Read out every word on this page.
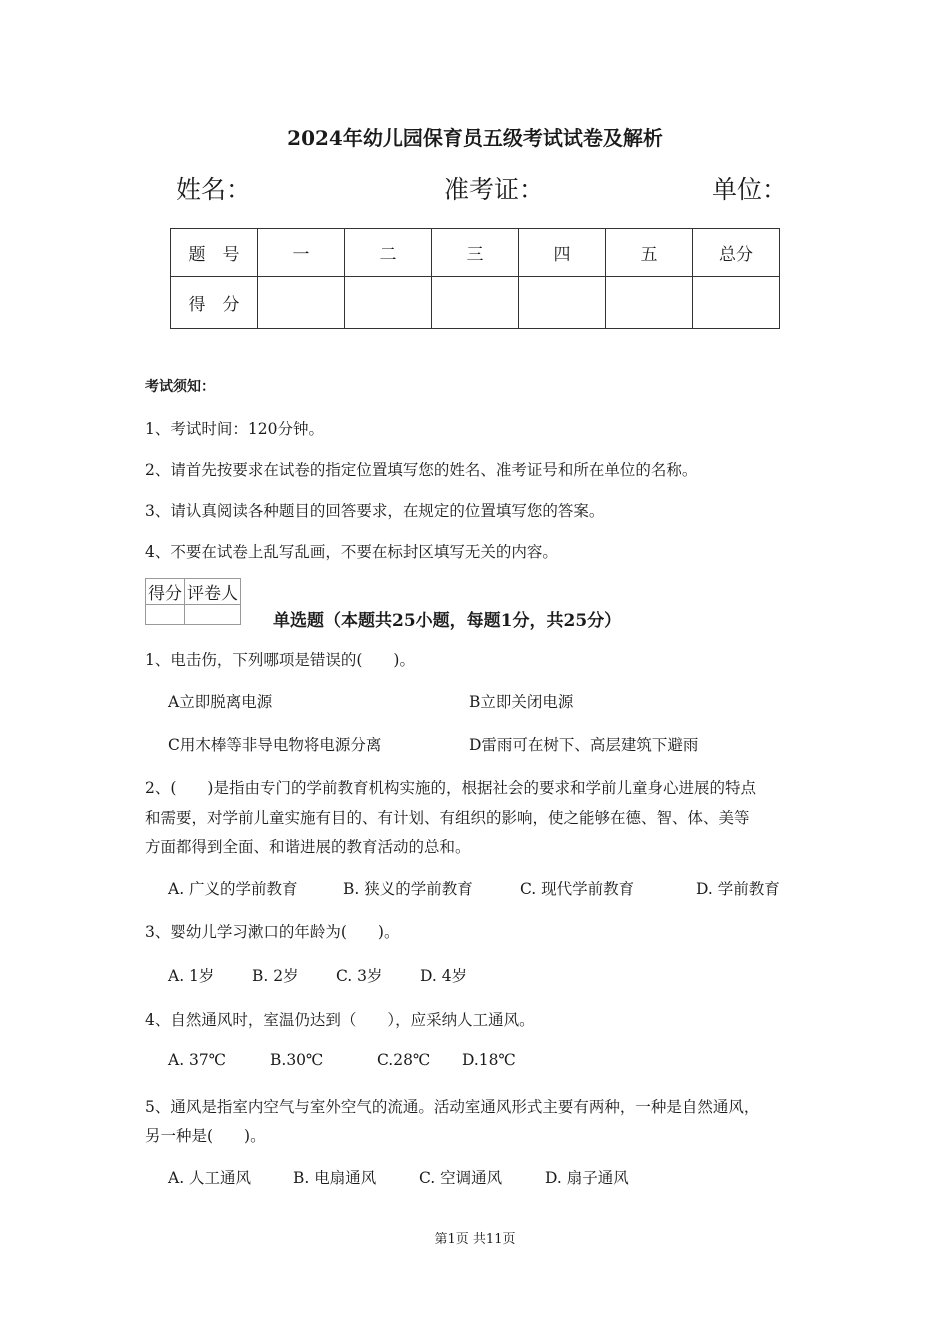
2024年幼儿园保育员五级考试试卷及解析
姓名：	准考证：	单位：
题　号	一	二	三	四	五	总分
得　分						
考试须知：
1、考试时间：120分钟。
2、请首先按要求在试卷的指定位置填写您的姓名、准考证号和所在单位的名称。
3、请认真阅读各种题目的回答要求，在规定的位置填写您的答案。
4、不要在试卷上乱写乱画，不要在标封区填写无关的内容。
得分	评卷人

单选题（本题共25小题，每题1分，共25分）
1、电击伤，下列哪项是错误的(　　)。
A立即脱离电源	B立即关闭电源
C用木棒等非导电物将电源分离	D雷雨可在树下、高层建筑下避雨
2、(　　)是指由专门的学前教育机构实施的，根据社会的要求和学前儿童身心进展的特点
和需要，对学前儿童实施有目的、有计划、有组织的影响，使之能够在德、智、体、美等
方面都得到全面、和谐进展的教育活动的总和。
A. 广义的学前教育	B. 狭义的学前教育	C. 现代学前教育	D. 学前教育
3、婴幼儿学习漱口的年龄为(　　)。
A. 1岁 B. 2岁 C. 3岁 D. 4岁
4、自然通风时，室温仍达到（　　），应采纳人工通风。
A. 37℃	B.30℃	C.28℃ D.18℃
5、通风是指室内空气与室外空气的流通。活动室通风形式主要有两种，一种是自然通风，
另一种是(　　)。
A. 人工通风	B. 电扇通风	C. 空调通风	D. 扇子通风
第1页 共11页
